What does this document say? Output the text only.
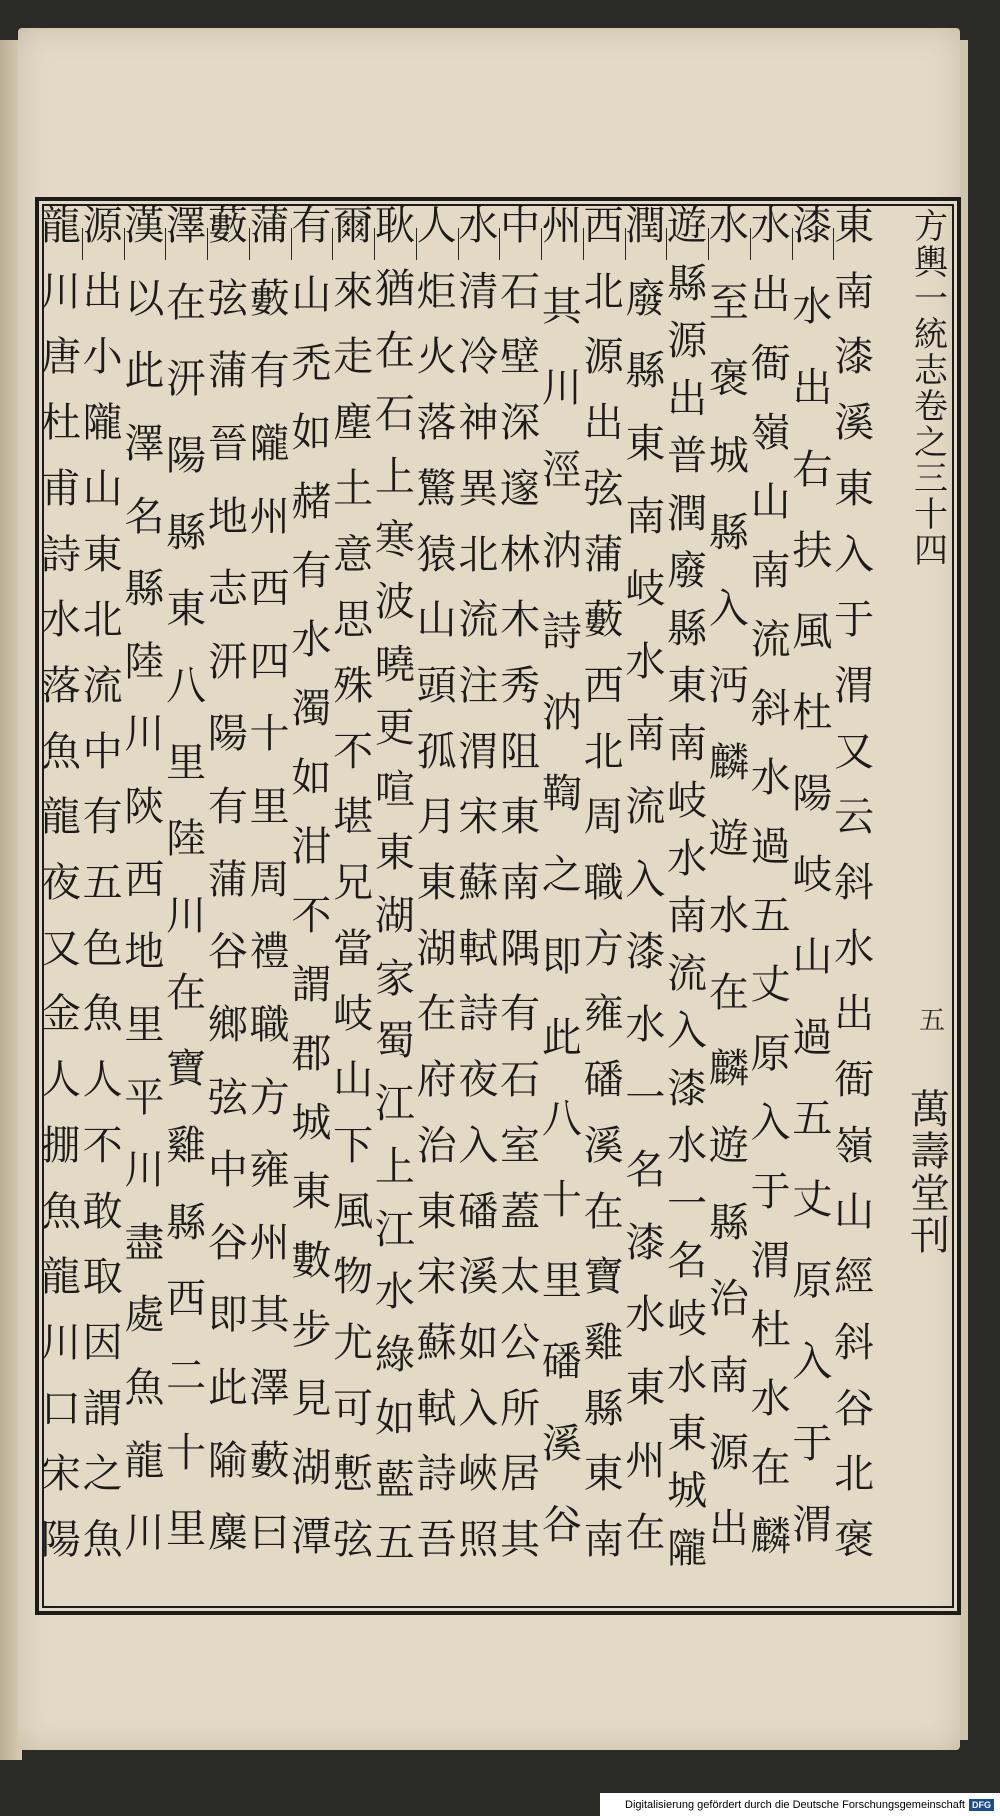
方
輿
一
統
志
卷
之
三
十
四
五
萬
壽
堂
刊
東
南
漆
溪
東
入
于
渭
又
云
斜
水
出
衙
嶺
山
經
斜
谷
北
褒
漆
水
出
右
扶
風
杜
陽
岐
山
過
五
丈
原
入
于
渭
水
出
衙
嶺
山
南
流
斜
水
過
五
丈
原
入
于
渭
杜
水
在
麟
水
至
褒
城
縣
入
沔
麟
遊
水
在
麟
遊
縣
治
南
源
出
遊
縣
源
出
普
潤
廢
縣
東
南
岐
水
南
流
入
漆
水
一
名
岐
水
東
城
隴
潤
廢
縣
東
南
岐
水
南
流
入
漆
水
一
名
漆
水
東
州
在
西
北
源
出
弦
蒲
藪
西
北
周
職
方
雍
磻
溪
在
寶
雞
縣
東
南
州
其
川
涇
汭
詩
汭
鞫
之
即
此
八
十
里
磻
溪
谷
中
石
壁
深
邃
林
木
秀
阻
東
南
隅
有
石
室
蓋
太
公
所
居
其
水
清
冷
神
異
北
流
注
渭
宋
蘇
軾
詩
夜
入
磻
溪
如
入
峽
照
人
炬
火
落
驚
猿
山
頭
孤
月
東
湖
在
府
治
東
宋
蘇
軾
詩
吾
耿
猶
在
石
上
寒
波
曉
更
喧
東
湖
家
蜀
江
上
江
水
綠
如
藍
五
爾
來
走
塵
土
意
思
殊
不
堪
兄
當
岐
山
下
風
物
尤
可
慙
弦
有
山
禿
如
赭
有
水
濁
如
泔
不
謂
郡
城
東
數
步
見
湖
潭
蒲
藪
有
隴
州
西
四
十
里
周
禮
職
方
雍
州
其
澤
藪
曰
藪
弦
蒲
晉
地
志
汧
陽
有
蒲
谷
鄉
弦
中
谷
即
此
隃
麋
澤
在
汧
陽
縣
東
八
里
陸
川
在
寶
雞
縣
西
二
十
里
漢
以
此
澤
名
縣
陸
川
陝
西
地
里
平
川
盡
處
魚
龍
川
源
出
小
隴
山
東
北
流
中
有
五
色
魚
人
不
敢
取
因
謂
之
魚
龍
川
唐
杜
甫
詩
水
落
魚
龍
夜
又
金
人
掤
魚
龍
川
口
宋
陽
Digitalisierung gefördert durch die Deutsche Forschungsgemeinschaft DFG
